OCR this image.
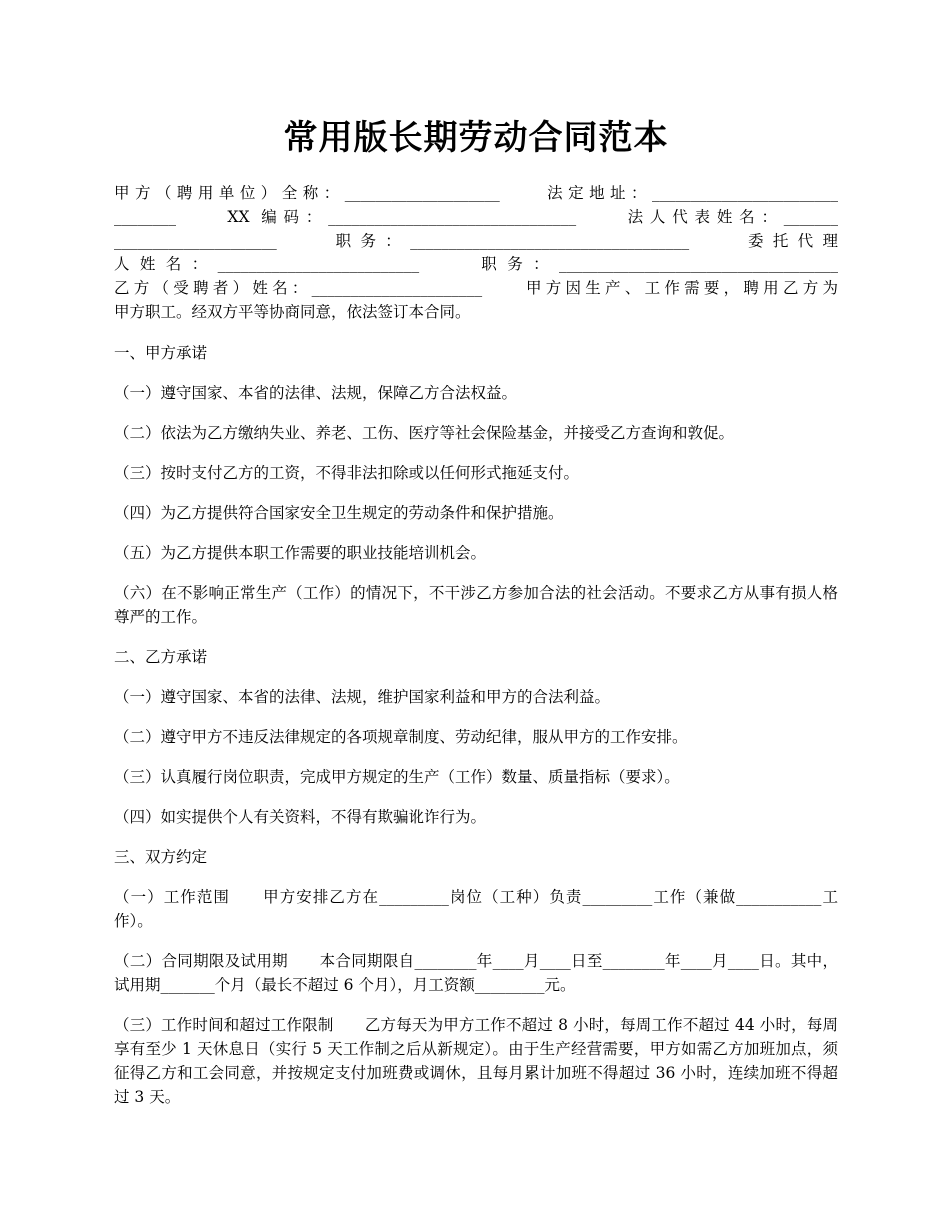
常用版长期劳动合同范本
甲方（聘用单位）全称：____________________　　法定地址：________________________
________　　XX 编码：________________________________　　法人代表姓名：_______
_____________________　　职务：____________________________________　　委托代理
人姓名：__________________________　　职务：____________________________________
乙方（受聘者）姓名：______________________　　甲方因生产、工作需要，聘用乙方为
甲方职工。经双方平等协商同意，依法签订本合同。

一、甲方承诺

（一）遵守国家、本省的法律、法规，保障乙方合法权益。

（二）依法为乙方缴纳失业、养老、工伤、医疗等社会保险基金，并接受乙方查询和敦促。

（三）按时支付乙方的工资，不得非法扣除或以任何形式拖延支付。

（四）为乙方提供符合国家安全卫生规定的劳动条件和保护措施。

（五）为乙方提供本职工作需要的职业技能培训机会。

（六）在不影响正常生产（工作）的情况下，不干涉乙方参加合法的社会活动。不要求乙方从事有损人格尊严的工作。

二、乙方承诺

（一）遵守国家、本省的法律、法规，维护国家利益和甲方的合法利益。

（二）遵守甲方不违反法律规定的各项规章制度、劳动纪律，服从甲方的工作安排。

（三）认真履行岗位职责，完成甲方规定的生产（工作）数量、质量指标（要求）。

（四）如实提供个人有关资料，不得有欺骗讹诈行为。

三、双方约定

（一）工作范围　　甲方安排乙方在_________岗位（工种）负责_________工作（兼做___________工作）。

（二）合同期限及试用期　　本合同期限自________年____月____日至________年____月____日。其中，试用期_______个月（最长不超过 6 个月），月工资额_________元。

（三）工作时间和超过工作限制　　乙方每天为甲方工作不超过 8 小时，每周工作不超过 44 小时，每周享有至少 1 天休息日（实行 5 天工作制之后从新规定）。由于生产经营需要，甲方如需乙方加班加点，须征得乙方和工会同意，并按规定支付加班费或调休，且每月累计加班不得超过 36 小时，连续加班不得超过 3 天。
